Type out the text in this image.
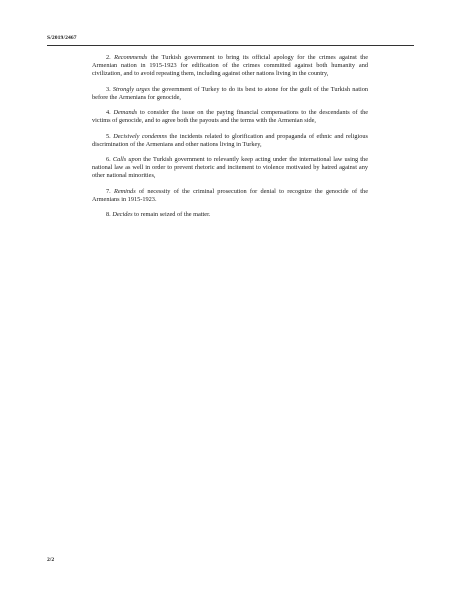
S/2019/2467

2. Recommends the Turkish government to bring its official apology for the crimes against the Armenian nation in 1915-1923 for edification of the crimes committed against both humanity and civilization, and to avoid repeating them, including against other nations living in the country,

3. Strongly urges the government of Turkey to do its best to atone for the guilt of the Turkish nation before the Armenians for genocide,

4. Demands to consider the issue on the paying financial compensations to the descendants of the victims of genocide, and to agree both the payouts and the terms with the Armenian side,

5. Decisively condemns the incidents related to glorification and propaganda of ethnic and religious discrimination of the Armenians and other nations living in Turkey,

6. Calls upon the Turkish government to relevantly keep acting under the international law using the national law as well in order to prevent rhetoric and incitement to violence motivated by hatred against any other national minorities,

7. Reminds of necessity of the criminal prosecution for denial to recognize the genocide of the Armenians in 1915-1923.

8. Decides to remain seized of the matter.

2/2
